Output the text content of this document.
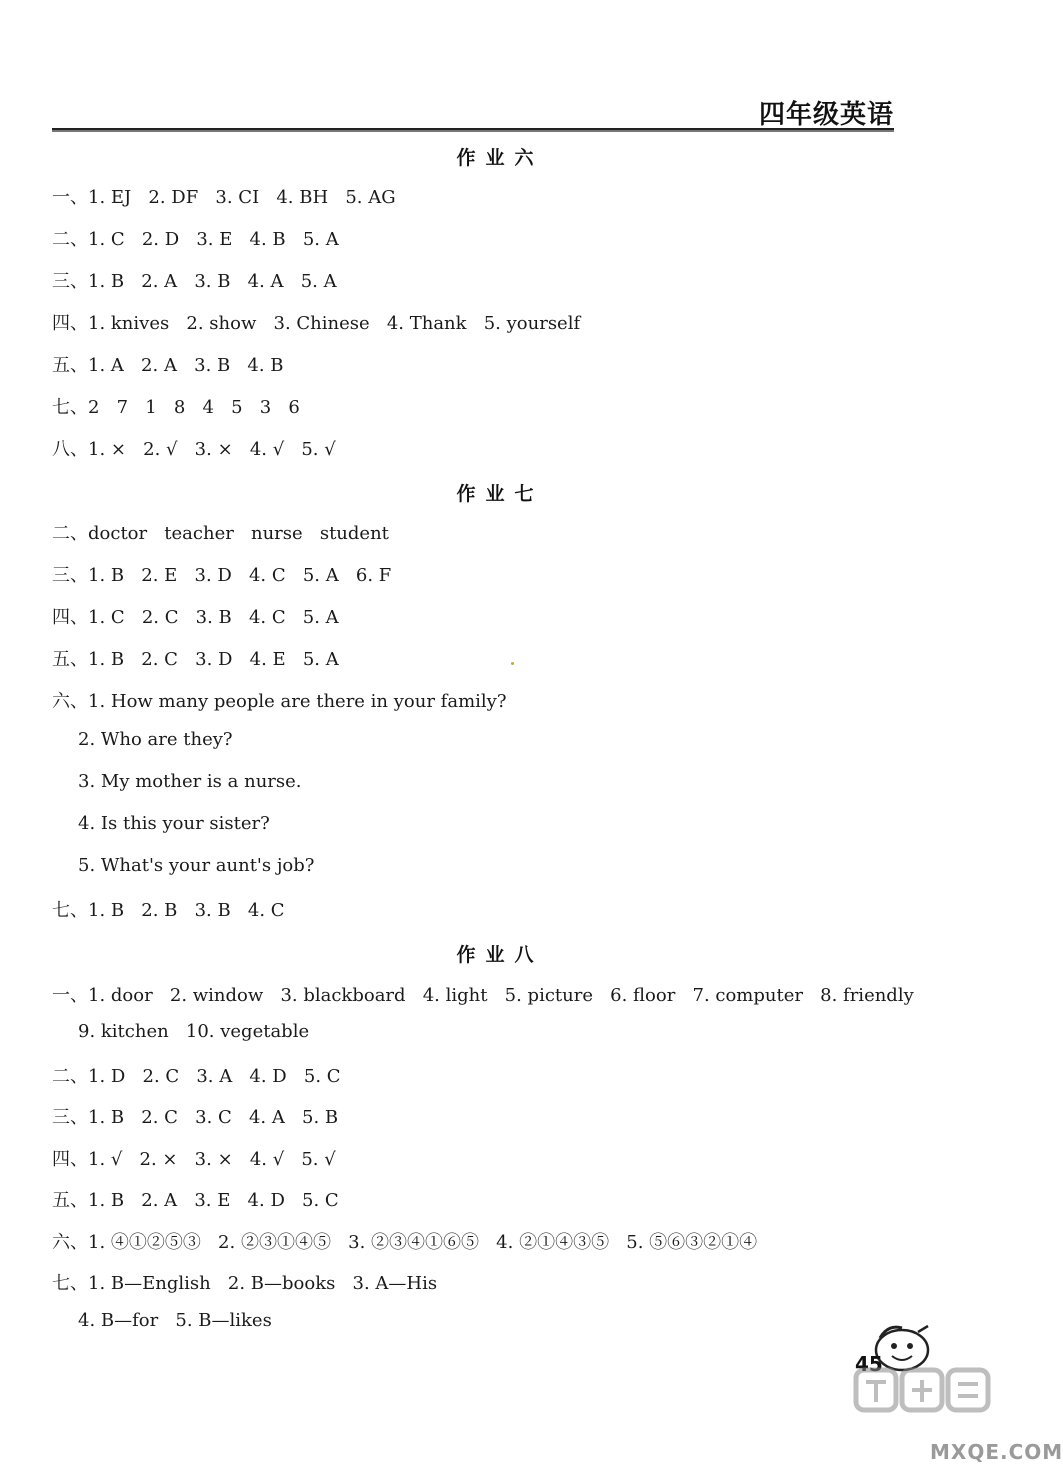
四年级英语
作业六
一、1. EJ   2. DF   3. CI   4. BH   5. AG
二、1. C   2. D   3. E   4. B   5. A
三、1. B   2. A   3. B   4. A   5. A
四、1. knives   2. show   3. Chinese   4. Thank   5. yourself
五、1. A   2. A   3. B   4. B
七、2   7   1   8   4   5   3   6
八、1. ×   2. √   3. ×   4. √   5. √
作业七
二、doctor   teacher   nurse   student
三、1. B   2. E   3. D   4. C   5. A   6. F
四、1. C   2. C   3. B   4. C   5. A
五、1. B   2. C   3. D   4. E   5. A
六、1. How many people are there in your family?
2. Who are they?
3. My mother is a nurse.
4. Is this your sister?
5. What's your aunt's job?
七、1. B   2. B   3. B   4. C
作业八
一、1. door   2. window   3. blackboard   4. light   5. picture   6. floor   7. computer   8. friendly
9. kitchen   10. vegetable
二、1. D   2. C   3. A   4. D   5. C
三、1. B   2. C   3. C   4. A   5. B
四、1. √   2. ×   3. ×   4. √   5. √
五、1. B   2. A   3. E   4. D   5. C
六、1. ④①②⑤③   2. ②③①④⑤   3. ②③④①⑥⑤   4. ②①④③⑤   5. ⑤⑥③②①④
七、1. B—English   2. B—books   3. A—His
4. B—for   5. B—likes
45
MXQE.COM
